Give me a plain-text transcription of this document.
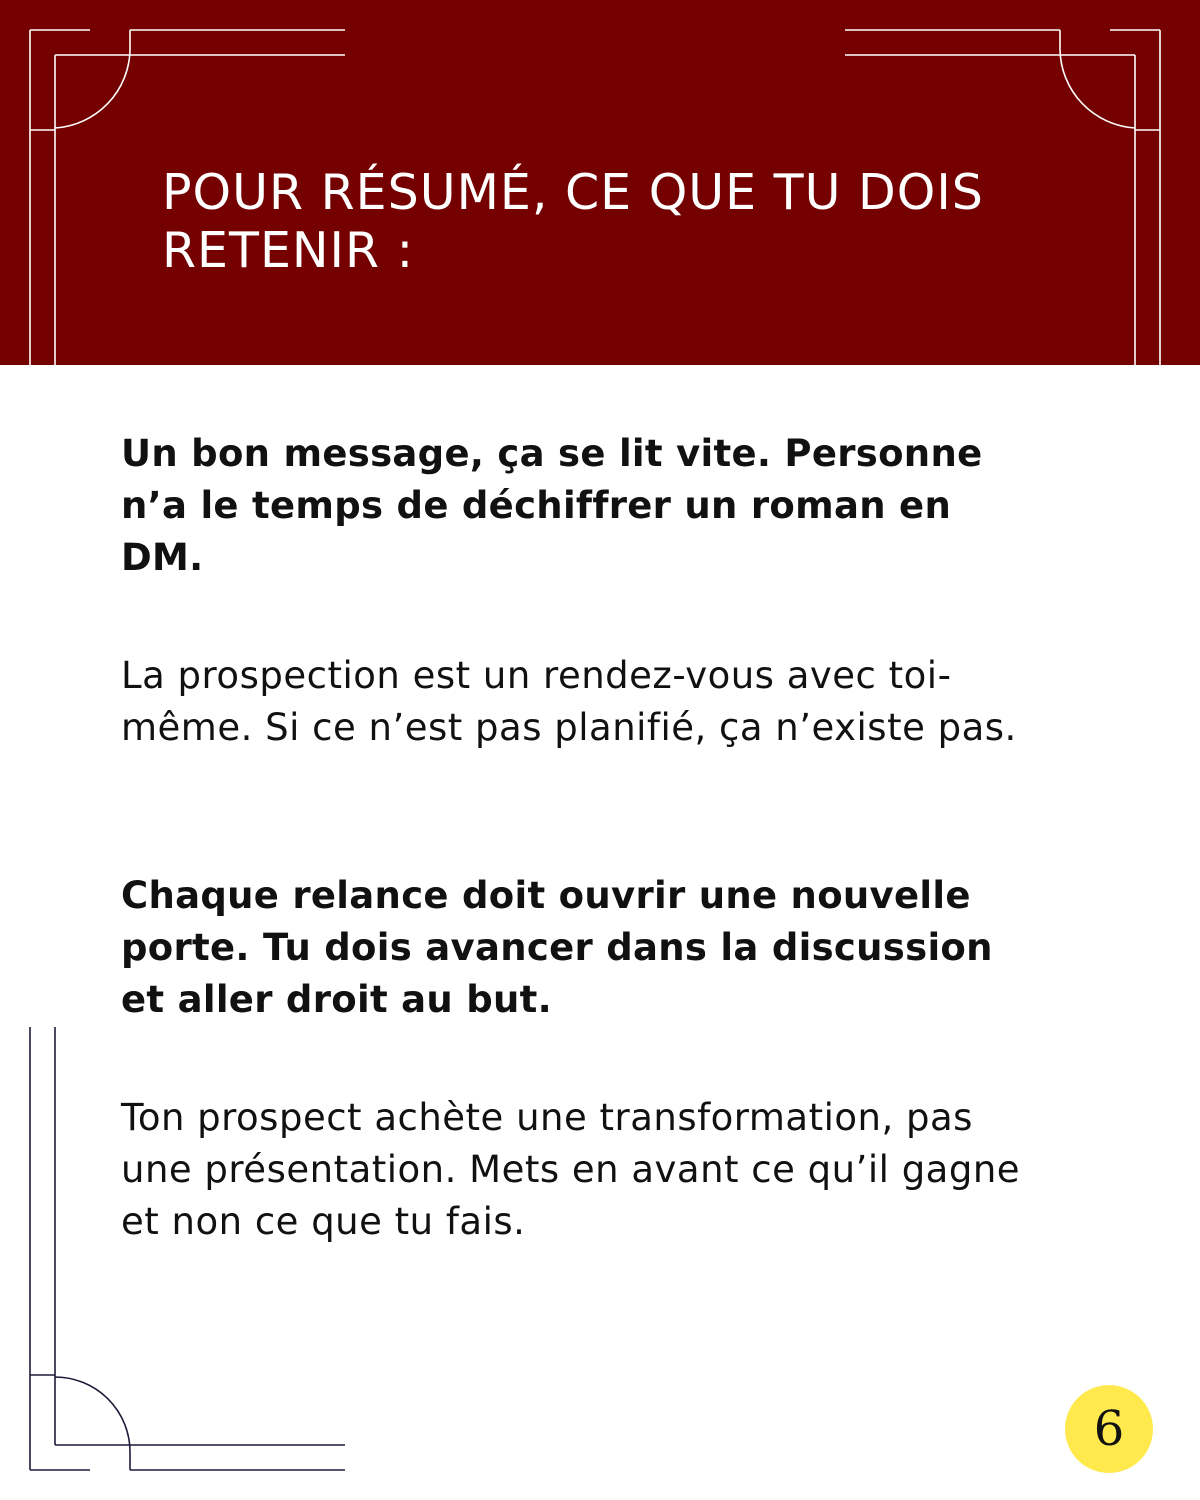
POUR RÉSUMÉ, CE QUE TU DOIS RETENIR :

Un bon message, ça se lit vite. Personne n’a le temps de déchiffrer un roman en DM.

La prospection est un rendez-vous avec toi-même. Si ce n’est pas planifié, ça n’existe pas.

Chaque relance doit ouvrir une nouvelle porte. Tu dois avancer dans la discussion et aller droit au but.

Ton prospect achète une transformation, pas une présentation. Mets en avant ce qu’il gagne et non ce que tu fais.

6
